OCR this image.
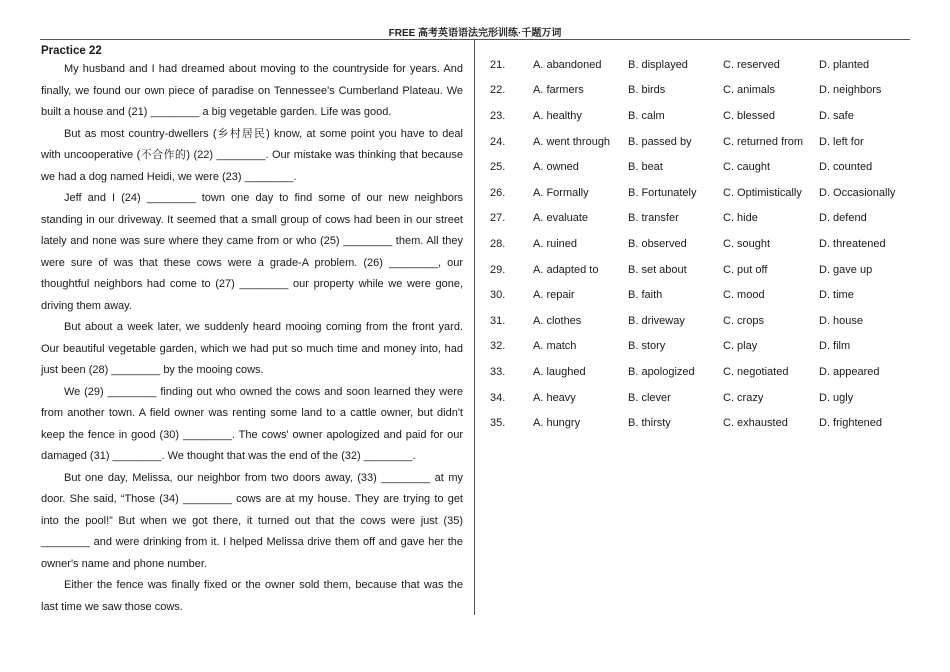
FREE 高考英语语法完形训练·千题万词
Practice 22

My husband and I had dreamed about moving to the countryside for years. And finally, we found our own piece of paradise on Tennessee's Cumberland Plateau. We built a house and (21) ________ a big vegetable garden. Life was good.

But as most country-dwellers (乡村居民) know, at some point you have to deal with uncooperative (不合作的) (22) ________. Our mistake was thinking that because we had a dog named Heidi, we were (23) ________.

Jeff and I (24) ________ town one day to find some of our new neighbors standing in our driveway. It seemed that a small group of cows had been in our street lately and none was sure where they came from or who (25) ________ them. All they were sure of was that these cows were a grade-A problem. (26) ________, our thoughtful neighbors had come to (27) ________ our property while we were gone, driving them away.

But about a week later, we suddenly heard mooing coming from the front yard. Our beautiful vegetable garden, which we had put so much time and money into, had just been (28) ________ by the mooing cows.

We (29) ________ finding out who owned the cows and soon learned they were from another town. A field owner was renting some land to a cattle owner, but didn't keep the fence in good (30) ________. The cows' owner apologized and paid for our damaged (31) ________. We thought that was the end of the (32) ________.

But one day, Melissa, our neighbor from two doors away, (33) ________ at my door. She said, “Those (34) ________ cows are at my house. They are trying to get into the pool!” But when we got there, it turned out that the cows were just (35) ________ and were drinking from it. I helped Melissa drive them off and gave her the owner's name and phone number.

Either the fence was finally fixed or the owner sold them, because that was the last time we saw those cows.

21.	A. abandoned	B. displayed	C. reserved	D. planted
22.	A. farmers	B. birds	C. animals	D. neighbors
23.	A. healthy	B. calm	C. blessed	D. safe
24.	A. went through	B. passed by	C. returned from	D. left for
25.	A. owned	B. beat	C. caught	D. counted
26.	A. Formally	B. Fortunately	C. Optimistically	D. Occasionally
27.	A. evaluate	B. transfer	C. hide	D. defend
28.	A. ruined	B. observed	C. sought	D. threatened
29.	A. adapted to	B. set about	C. put off	D. gave up
30.	A. repair	B. faith	C. mood	D. time
31.	A. clothes	B. driveway	C. crops	D. house
32.	A. match	B. story	C. play	D. film
33.	A. laughed	B. apologized	C. negotiated	D. appeared
34.	A. heavy	B. clever	C. crazy	D. ugly
35.	A. hungry	B. thirsty	C. exhausted	D. frightened
